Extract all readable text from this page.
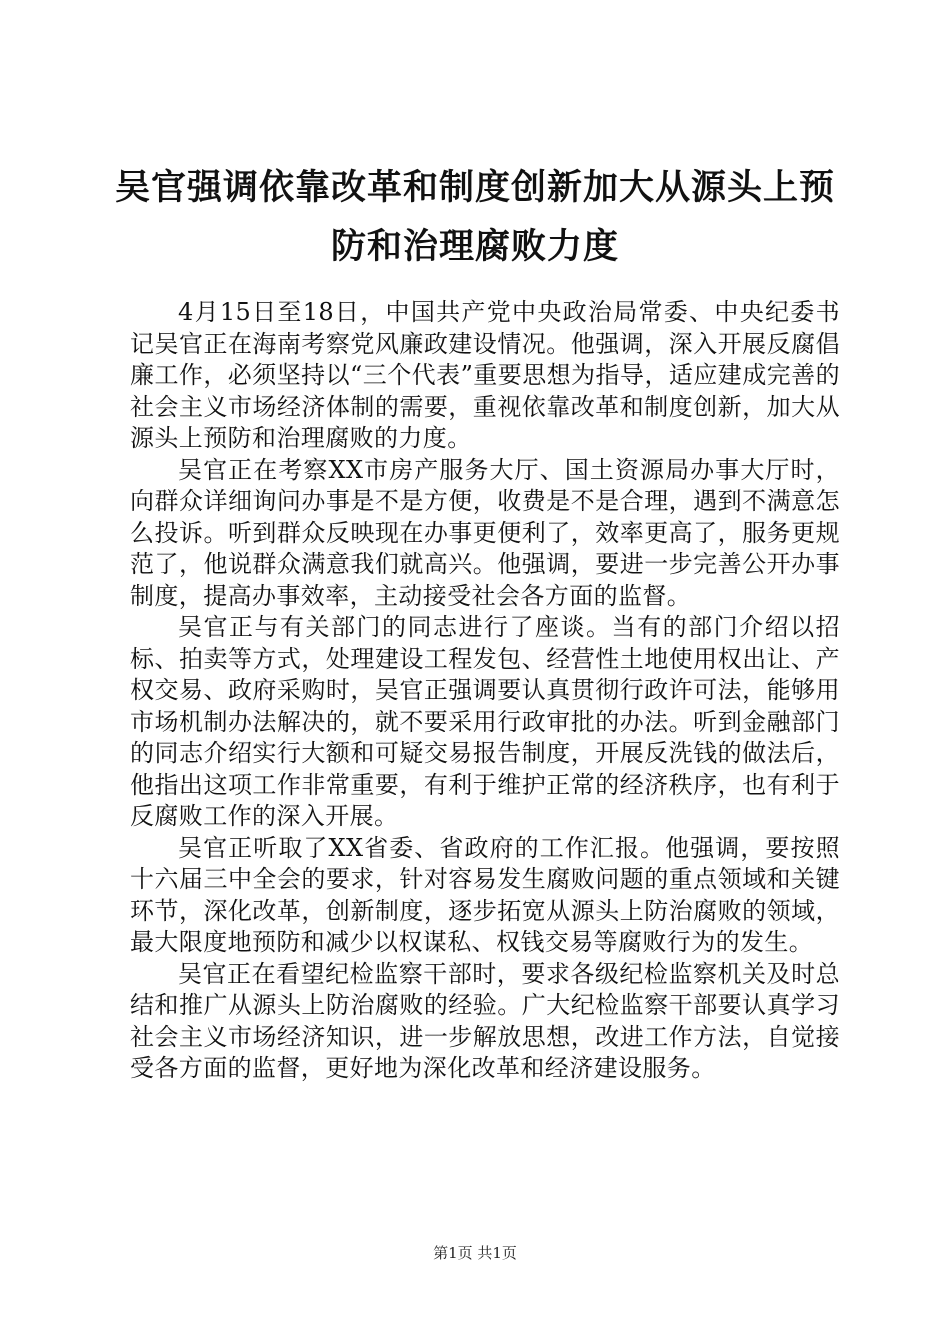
吴官强调依靠改革和制度创新加大从源头上预防和治理腐败力度

4月15日至18日，中国共产党中央政治局常委、中央纪委书记吴官正在海南考察党风廉政建设情况。他强调，深入开展反腐倡廉工作，必须坚持以“三个代表”重要思想为指导，适应建成完善的社会主义市场经济体制的需要，重视依靠改革和制度创新，加大从源头上预防和治理腐败的力度。

吴官正在考察XX市房产服务大厅、国土资源局办事大厅时，向群众详细询问办事是不是方便，收费是不是合理，遇到不满意怎么投诉。听到群众反映现在办事更便利了，效率更高了，服务更规范了，他说群众满意我们就高兴。他强调，要进一步完善公开办事制度，提高办事效率，主动接受社会各方面的监督。

吴官正与有关部门的同志进行了座谈。当有的部门介绍以招标、拍卖等方式，处理建设工程发包、经营性土地使用权出让、产权交易、政府采购时，吴官正强调要认真贯彻行政许可法，能够用市场机制办法解决的，就不要采用行政审批的办法。听到金融部门的同志介绍实行大额和可疑交易报告制度，开展反洗钱的做法后，他指出这项工作非常重要，有利于维护正常的经济秩序，也有利于反腐败工作的深入开展。

吴官正听取了XX省委、省政府的工作汇报。他强调，要按照十六届三中全会的要求，针对容易发生腐败问题的重点领域和关键环节，深化改革，创新制度，逐步拓宽从源头上防治腐败的领域，最大限度地预防和减少以权谋私、权钱交易等腐败行为的发生。

吴官正在看望纪检监察干部时，要求各级纪检监察机关及时总结和推广从源头上防治腐败的经验。广大纪检监察干部要认真学习社会主义市场经济知识，进一步解放思想，改进工作方法，自觉接受各方面的监督，更好地为深化改革和经济建设服务。

第1页 共1页
